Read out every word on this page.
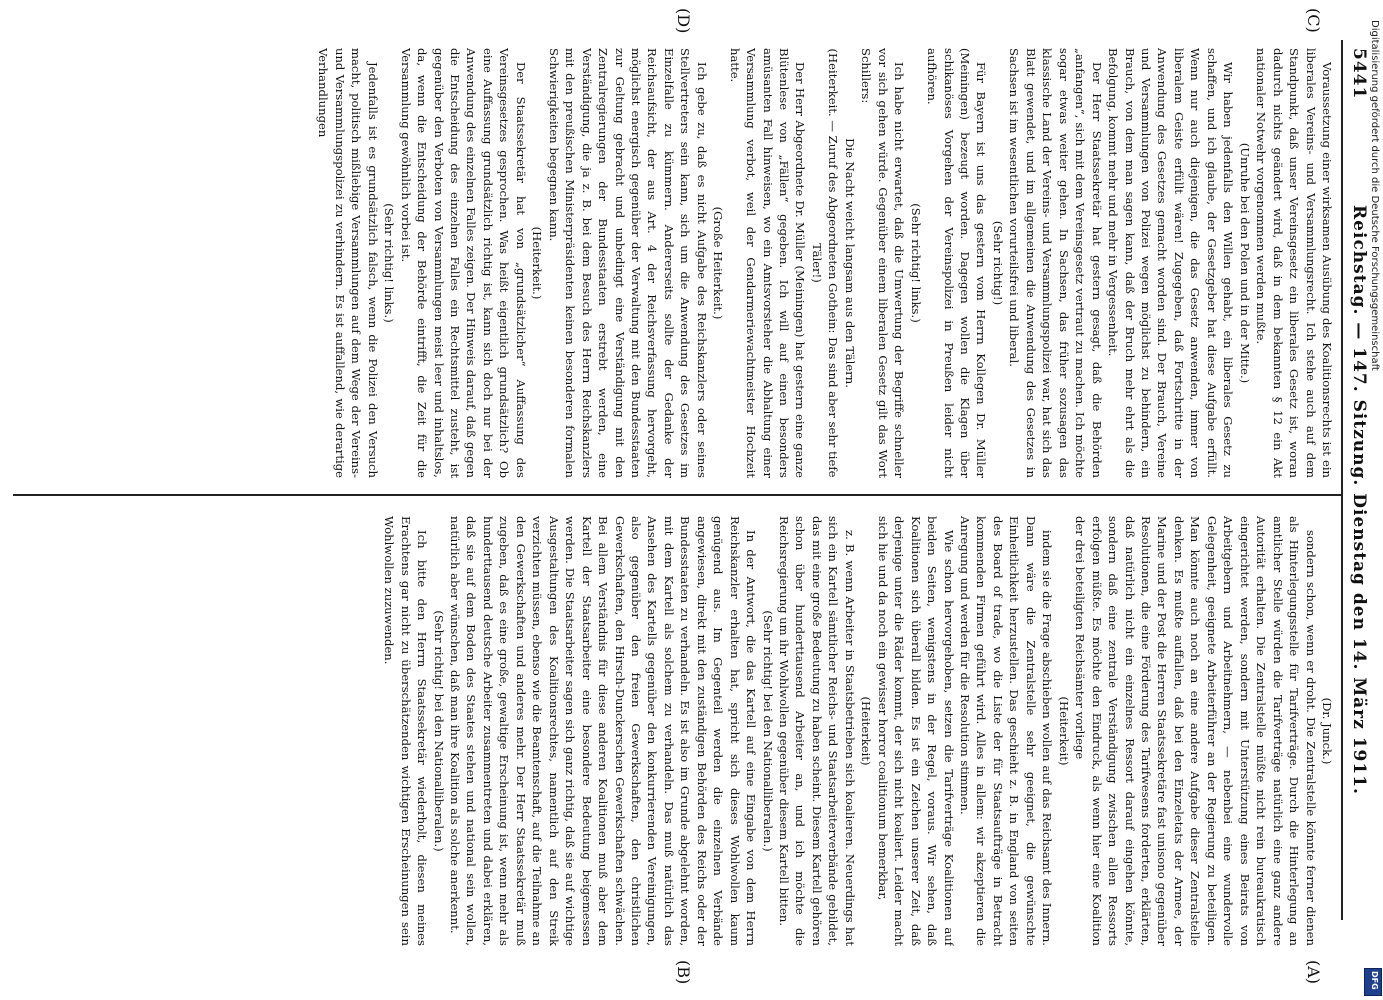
5441
Reichstag. — 147. Sitzung. Dienstag den 14. März 1911.
(C)
(D)
(A)
(B)

Voraussetzung einer wirksamen Ausübung des Koalitionsrechts ist ein liberales Vereins- und Versammlungsrecht. Ich stehe auch auf dem Standpunkt, daß unser Vereinsgesetz ein liberales Gesetz ist, woran dadurch nichts geändert wird, daß in dem bekannten § 12 ein Akt nationaler Notwehr vorgenommen werden mußte.

(Unruhe bei den Polen und in der Mitte.)

Wir haben jedenfalls den Willen gehabt, ein liberales Gesetz zu schaffen, und ich glaube, der Gesetzgeber hat diese Aufgabe erfüllt. Wenn nur auch diejenigen, die das Gesetz anwenden, immer von liberalem Geiste erfüllt wären! Zugegeben, daß Fortschritte in der Anwendung des Gesetzes gemacht worden sind. Der Brauch, Vereine und Versammlungen von Polizei wegen möglichst zu behindern, ein Brauch, von dem man sagen kann, daß der Bruch mehr ehrt als die Befolgung, kommt mehr und mehr in Vergessenheit.

Der Herr Staatssekretär hat gestern gesagt, daß die Behörden „anfangen“, sich mit dem Vereinsgesetz vertraut zu machen. Ich möchte sogar etwas weiter gehen. In Sachsen, das früher sozusagen das klassische Land der Vereins- und Versammlungspolizei war, hat sich das Blatt gewendet, und im allgemeinen die Anwendung des Gesetzes in Sachsen ist im wesentlichen vorurteilsfrei und liberal.

(Sehr richtig!)

Für Bayern ist uns das gestern vom Herrn Kollegen Dr. Müller (Meiningen) bezeugt worden. Dagegen wollen die Klagen über schikanöses Vorgehen der Vereinspolizei in Preußen leider nicht aufhören.

(Sehr richtig! links.)

Ich habe nicht erwartet, daß die Umwertung der Begriffe schneller vor sich gehen würde. Gegenüber einem liberalen Gesetz gilt das Wort Schillers:

Die Nacht weicht langsam aus den Tälern.

(Heiterkeit. — Zuruf des Abgeordneten Gothein: Das sind aber sehr tiefe Täler!)

Der Herr Abgeordnete Dr. Müller (Meiningen) hat gestern eine ganze Blütenlese von „Fällen“ gegeben. Ich will auf einen besonders amüsanten Fall hinweisen, wo ein Amtsvorsteher die Abhaltung einer Versammlung verbot, weil der Gendarmeriewachtmeister Hochzeit hatte.

(Große Heiterkeit.)

Ich gebe zu, daß es nicht Aufgabe des Reichskanzlers oder seines Stellvertreters sein kann, sich um die Anwendung des Gesetzes im Einzelfalle zu kümmern. Andererseits sollte der Gedanke der Reichsaufsicht, der aus Art. 4 der Reichsverfassung hervorgeht, möglichst energisch gegenüber der Verwaltung mit den Bundesstaaten zur Geltung gebracht und unbedingt eine Verständigung mit den Zentralregierungen der Bundesstaaten erstrebt werden, eine Verständigung, die ja z. B. bei dem Besuch des Herrn Reichskanzlers mit den preußischen Ministerpräsidenten keinen besonderen formalen Schwierigkeiten begegnen kann.

(Heiterkeit.)

Der Staatssekretär hat von „grundsätzlicher“ Auffassung des Vereinsgesetzes gesprochen. Was heißt eigentlich grundsätzlich? Ob eine Auffassung grundsätzlich richtig ist, kann sich doch nur bei der Anwendung des einzelnen Falles zeigen. Der Hinweis darauf, daß gegen die Entscheidung des einzelnen Falles ein Rechtsmittel zusteht, ist gegenüber den Verboten von Versammlungen meist leer und inhaltslos, da, wenn die Entscheidung der Behörde eintrifft, die Zeit für die Versammlung gewöhnlich vorbei ist.

(Sehr richtig! links.)

Jedenfalls ist es grundsätzlich falsch, wenn die Polizei den Versuch macht, politisch mißliebige Versammlungen auf dem Wege der Vereins- und Versammlungspolizei zu verhindern. Es ist auffallend, wie derartige Verhandlungen

(Dr. Junck.)

sondern schon, wenn er droht. Die Zentralstelle könnte ferner dienen als Hinterlegungsstelle für Tarifverträge. Durch die Hinterlegung an amtlicher Stelle würden die Tarifverträge natürlich eine ganz andere Autorität erhalten. Die Zentralstelle müßte nicht rein bureaukratisch eingerichtet werden, sondern mit Unterstützung eines Beirats von Arbeitgebern und Arbeitnehmern, — nebenbei eine wundervolle Gelegenheit, geeignete Arbeiterführer an der Regierung zu beteiligen. Man könnte auch noch an eine andere Aufgabe dieser Zentralstelle denken. Es mußte auffallen, daß bei den Einzeletats der Armee, der Marine und der Post die Herren Staatssekretäre fast unisono gegenüber Resolutionen, die eine Förderung des Tarifwesens forderten, erklärten, daß natürlich nicht ein einzelnes Ressort darauf eingehen könnte, sondern daß eine zentrale Verständigung zwischen allen Ressorts erfolgen müßte. Es möchte den Eindruck, als wenn hier eine Koalition der drei beteiligten Reichsämter vorliege

(Heiterkeit)

indem sie die Frage abschieben wollen auf das Reichsamt des Innern. Dann wäre die Zentralstelle sehr geeignet, die gewünschte Einheitlichkeit herzustellen. Das geschieht z. B. in England von seiten des Board of trade, wo die Liste der für Staatsaufträge in Betracht kommenden Firmen geführt wird. Alles in allem: wir akzeptieren die Anregung und werden für die Resolution stimmen.

Wie schon hervorgehoben, setzen die Tarifverträge Koalitionen auf beiden Seiten, wenigstens in der Regel, voraus. Wir sehen, daß Koalitionen sich überall bilden. Es ist ein Zeichen unserer Zeit, daß derjenige unter die Räder kommt, der sich nicht koaliert. Leider macht sich hie und da noch ein gewisser horror coalitionum bemerkbar,

(Heiterkeit)

z. B. wenn Arbeiter in Staatsbetrieben sich koalieren. Neuerdings hat sich ein Kartell sämtlicher Reichs- und Staatsarbeiterverbände gebildet, das mit eine große Bedeutung zu haben scheint. Diesem Kartell gehören schon über hunderttausend Arbeiter an, und ich möchte die Reichsregierung um ihr Wohlwollen gegenüber diesem Kartell bitten.

(Sehr richtig! bei den Nationalliberalen.)

In der Antwort, die das Kartell auf eine Eingabe von dem Herrn Reichskanzler erhalten hat, spricht sich dieses Wohlwollen kaum genügend aus. Im Gegenteil werden die einzelnen Verbände angewiesen, direkt mit den zuständigen Behörden des Reichs oder der Bundesstaaten zu verhandeln. Es ist also im Grunde abgelehnt worden, mit dem Kartell als solchem zu verhandeln. Das muß natürlich das Ansehen des Kartells gegenüber den konkurrierenden Vereinigungen, also gegenüber den freien Gewerkschaften, den christlichen Gewerkschaften, den Hirsch-Dunckerschen Gewerkschaften schwächen. Bei allem Verständnis für diese anderen Koalitionen muß aber dem Kartell der Staatsarbeiter eine besondere Bedeutung beigemessen werden. Die Staatsarbeiter sagen sich ganz richtig, daß sie auf wichtige Ausgestaltungen des Koalitionsrechtes, namentlich auf den Streik verzichten müssen, ebenso wie die Beamtenschaft, auf die Teilnahme an den Gewerkschaften und anderes mehr. Der Herr Staatssekretär muß zugeben, daß es eine große, gewaltige Erscheinung ist, wenn mehr als hunderttausend deutsche Arbeiter zusammentreten und dabei erklären, daß sie auf dem Boden des Staates stehen und national sein wollen, natürlich aber wünschen, daß man ihre Koalition als solche anerkennt.

(Sehr richtig! bei den Nationalliberalen.)

Ich bitte den Herrn Staatssekretär wiederholt, diesen meines Erachtens gar nicht zu überschätzenden wichtigen Erscheinungen sein Wohlwollen zuzuwenden.

Digitalisierung gefördert durch die Deutsche Forschungsgemeinschaft
DFG
